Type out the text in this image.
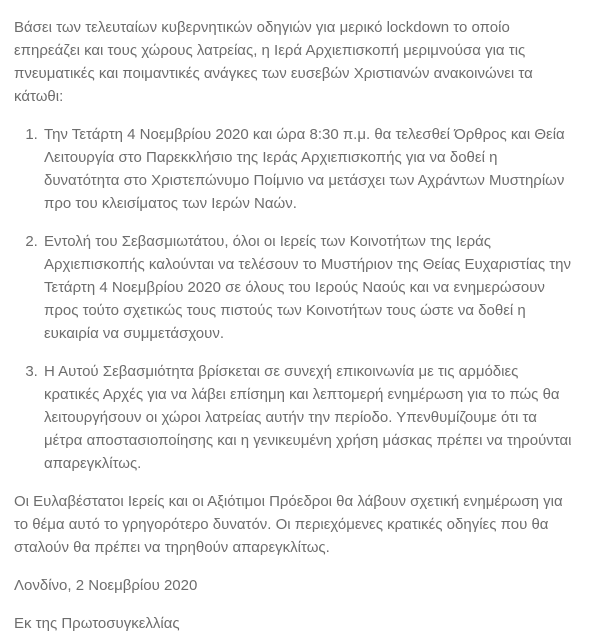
Βάσει των τελευταίων κυβερνητικών οδηγιών για μερικό lockdown το οποίο επηρεάζει και τους χώρους λατρείας, η Ιερά Αρχιεπισκοπή μεριμνούσα για τις πνευματικές και ποιμαντικές ανάγκες των ευσεβών Χριστιανών ανακοινώνει τα κάτωθι:

1. Την Τετάρτη 4 Νοεμβρίου 2020 και ώρα 8:30 π.μ. θα τελεσθεί Όρθρος και Θεία Λειτουργία στο Παρεκκλήσιο της Ιεράς Αρχιεπισκοπής για να δοθεί η δυνατότητα στο Χριστεπώνυμο Ποίμνιο να μετάσχει των Αχράντων Μυστηρίων προ του κλεισίματος των Ιερών Ναών.
2. Εντολή του Σεβασμιωτάτου, όλοι οι Ιερείς των Κοινοτήτων της Ιεράς Αρχιεπισκοπής καλούνται να τελέσουν το Μυστήριον της Θείας Ευχαριστίας την Τετάρτη 4 Νοεμβρίου 2020 σε όλους του Ιερούς Ναούς και να ενημερώσουν προς τούτο σχετικώς τους πιστούς των Κοινοτήτων τους ώστε να δοθεί η ευκαιρία να συμμετάσχουν.
3. Η Αυτού Σεβασμιότητα βρίσκεται σε συνεχή επικοινωνία με τις αρμόδιες κρατικές Αρχές για να λάβει επίσημη και λεπτομερή ενημέρωση για το πώς θα λειτουργήσουν οι χώροι λατρείας αυτήν την περίοδο. Υπενθυμίζουμε ότι τα μέτρα αποστασιοποίησης και η γενικευμένη χρήση μάσκας πρέπει να τηρούνται απαρεγκλίτως.

Οι Ευλαβέστατοι Ιερείς και οι Αξιότιμοι Πρόεδροι θα λάβουν σχετική ενημέρωση για το θέμα αυτό το γρηγορότερο δυνατόν. Οι περιεχόμενες κρατικές οδηγίες που θα σταλούν θα πρέπει να τηρηθούν απαρεγκλίτως.

Λονδίνο, 2 Νοεμβρίου 2020

Εκ της Πρωτοσυγκελλίας
